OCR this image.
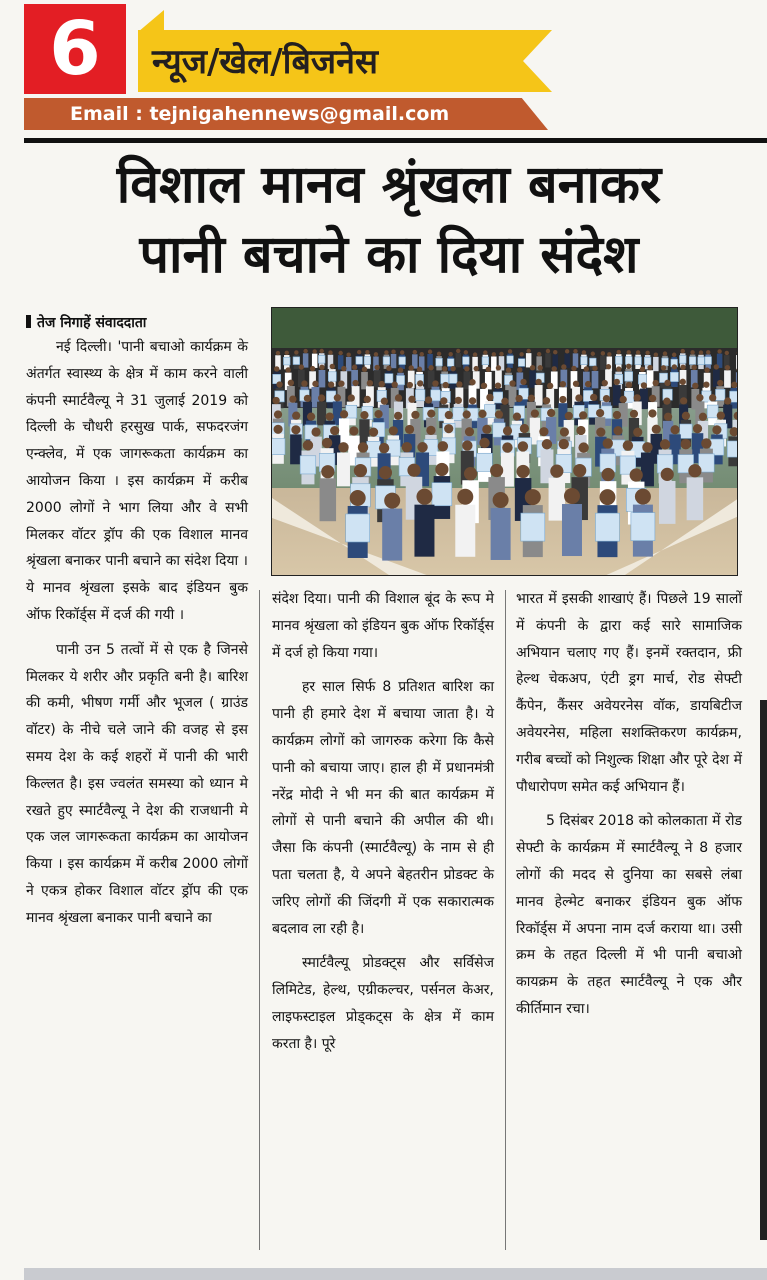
6	न्यूज/खेल/बिजनेस
Email : tejnigahennews@gmail.com
विशाल मानव श्रृंखला बनाकर
पानी बचाने का दिया संदेश
तेज निगाहें संवाददाता

नई दिल्ली। 'पानी बचाओ कार्यक्रम के अंतर्गत स्वास्थ्य के क्षेत्र में काम करने वाली कंपनी स्मार्टवैल्यू ने 31 जुलाई 2019 को दिल्ली के चौधरी हरसुख पार्क, सफदरजंग एन्क्लेव, में एक जागरूकता कार्यक्रम का आयोजन किया । इस कार्यक्रम में करीब 2000 लोगों ने भाग लिया और वे सभी मिलकर वॉटर ड्रॉप की एक विशाल मानव श्रृंखला बनाकर पानी बचाने का संदेश दिया । ये मानव श्रृंखला इसके बाद इंडियन बुक ऑफ रिकॉर्ड्स में दर्ज की गयी ।

पानी उन 5 तत्वों में से एक है जिनसे मिलकर ये शरीर और प्रकृति बनी है। बारिश की कमी, भीषण गर्मी और भूजल ( ग्राउंड वॉटर) के नीचे चले जाने की वजह से इस समय देश के कई शहरों में पानी की भारी किल्लत है। इस ज्वलंत समस्या को ध्यान मे रखते हुए स्मार्टवैल्यू ने देश की राजधानी मे एक जल जागरूकता कार्यक्रम का आयोजन किया । इस कार्यक्रम में करीब 2000 लोगों ने एकत्र होकर विशाल वॉटर ड्रॉप की एक मानव श्रृंखला बनाकर पानी बचाने का

संदेश दिया। पानी की विशाल बूंद के रूप मे मानव श्रृंखला को इंडियन बुक ऑफ रिकॉर्ड्स में दर्ज हो किया गया।

हर साल सिर्फ 8 प्रतिशत बारिश का पानी ही हमारे देश में बचाया जाता है। ये कार्यक्रम लोगों को जागरुक करेगा कि कैसे पानी को बचाया जाए। हाल ही में प्रधानमंत्री नरेंद्र मोदी ने भी मन की बात कार्यक्रम में लोगों से पानी बचाने की अपील की थी। जैसा कि कंपनी (स्मार्टवैल्यू) के नाम से ही पता चलता है, ये अपने बेहतरीन प्रोडक्ट के जरिए लोगों की जिंदगी में एक सकारात्मक बदलाव ला रही है।

स्मार्टवैल्यू प्रोडक्ट्स और सर्विसेज लिमिटेड, हेल्थ, एग्रीकल्चर, पर्सनल केअर, लाइफस्टाइल प्रोड्कट्स के क्षेत्र में काम करता है। पूरे

भारत में इसकी शाखाएं हैं। पिछले 19 सालों में कंपनी के द्वारा कई सारे सामाजिक अभियान चलाए गए हैं। इनमें रक्तदान, फ्री हेल्थ चेकअप, एंटी ड्रग मार्च, रोड सेफ्टी कैंपेन, कैंसर अवेयरनेस वॉक, डायबिटीज अवेयरनेस, महिला सशक्तिकरण कार्यक्रम, गरीब बच्चों को निशुल्क शिक्षा और पूरे देश में पौधारोपण समेत कई अभियान हैं।

5 दिसंबर 2018 को कोलकाता में रोड सेफ्टी के कार्यक्रम में स्मार्टवैल्यू ने 8 हजार लोगों की मदद से दुनिया का सबसे लंबा मानव हेल्मेट बनाकर इंडियन बुक ऑफ रिकॉर्ड्स में अपना नाम दर्ज कराया था। उसी क्रम के तहत दिल्ली में भी पानी बचाओ कायक्रम के तहत स्मार्टवैल्यू ने एक और कीर्तिमान रचा।
